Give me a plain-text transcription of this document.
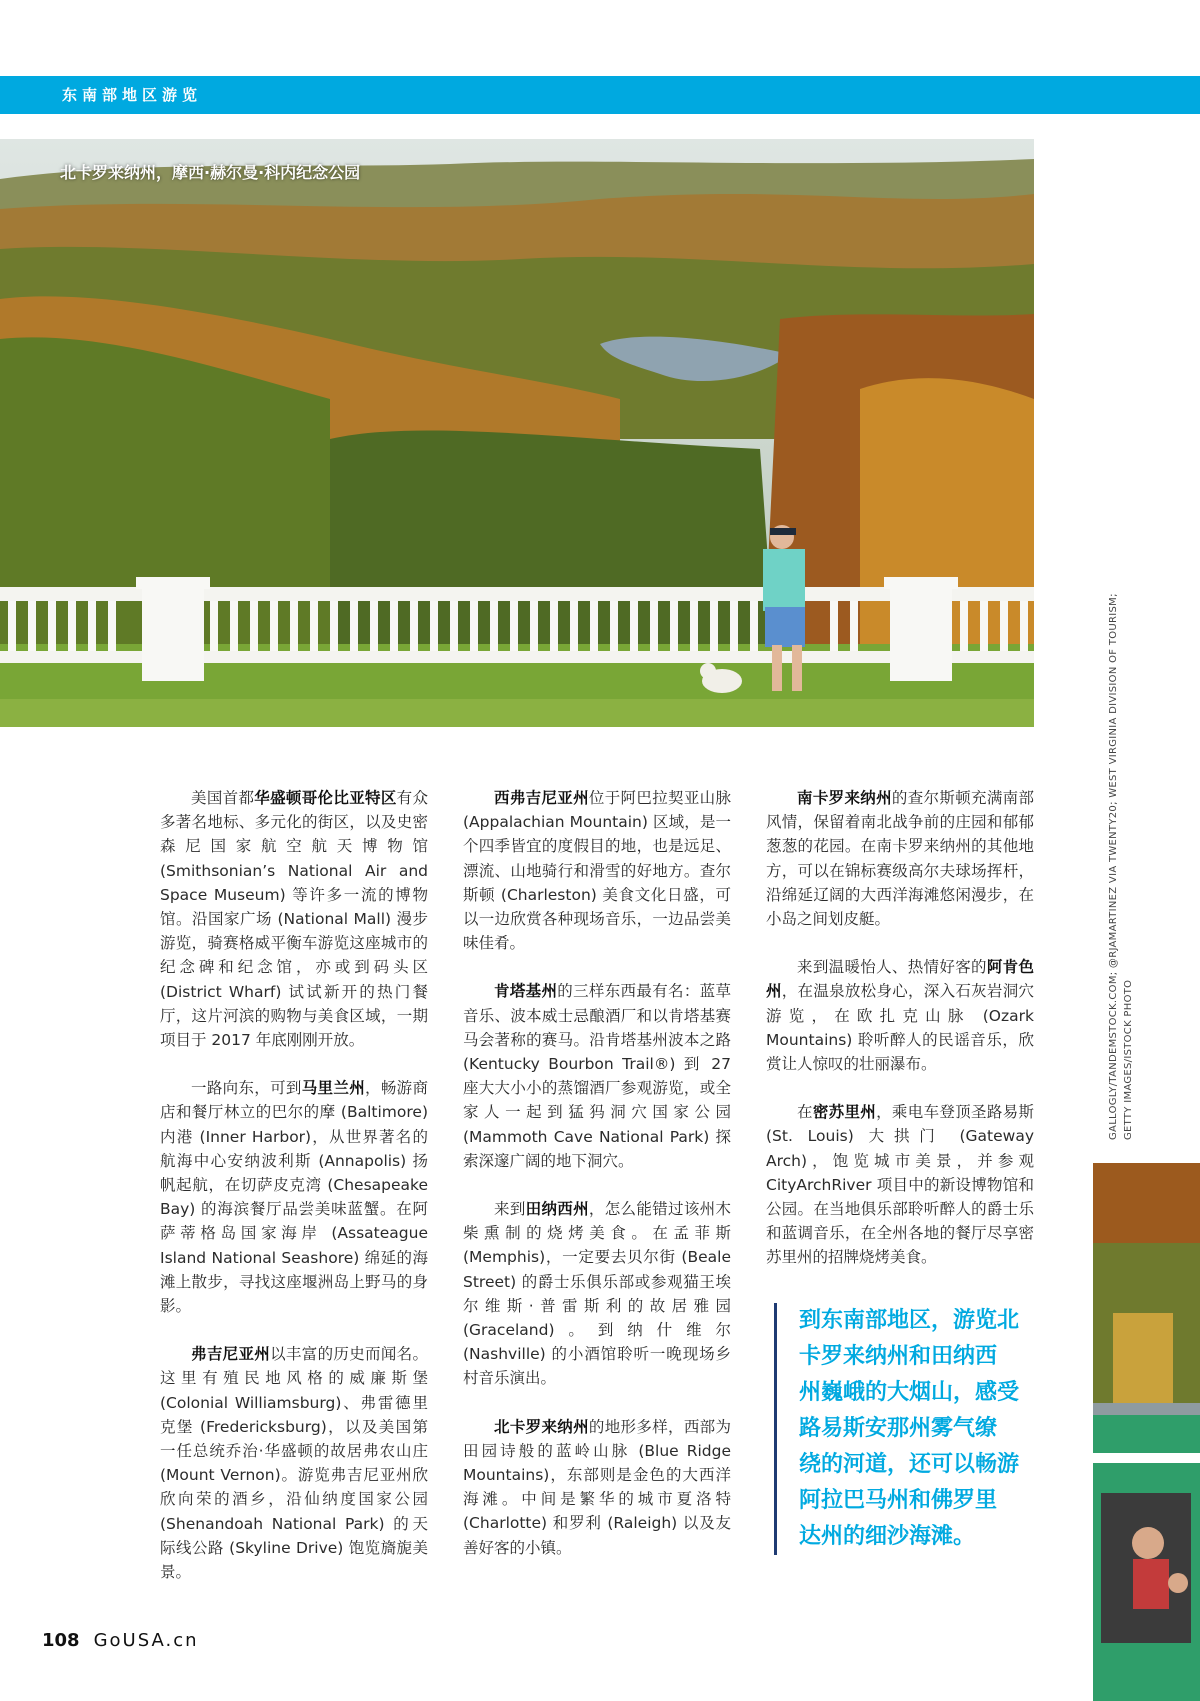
东南部地区游览
北卡罗来纳州，摩西·赫尔曼·科内纪念公园
GALLOGLY/TANDEMSTOCK.COM; @RJAMARTINEZ VIA TWENTY20; WEST VIRGINIA DIVISION OF TOURISM; GETTY IMAGES/ISTOCK PHOTO

美国首都华盛顿哥伦比亚特区有众多著名地标、多元化的街区，以及史密森尼国家航空航天博物馆 (Smithsonian’s National Air and Space Museum) 等许多一流的博物馆。沿国家广场 (National Mall) 漫步游览，骑赛格威平衡车游览这座城市的纪念碑和纪念馆，亦或到码头区 (District Wharf) 试试新开的热门餐厅，这片河滨的购物与美食区域，一期项目于 2017 年底刚刚开放。

一路向东，可到马里兰州，畅游商店和餐厅林立的巴尔的摩 (Baltimore) 内港 (Inner Harbor)，从世界著名的航海中心安纳波利斯 (Annapolis) 扬帆起航，在切萨皮克湾 (Chesapeake Bay) 的海滨餐厅品尝美味蓝蟹。在阿萨蒂格岛国家海岸 (Assateague Island National Seashore) 绵延的海滩上散步，寻找这座堰洲岛上野马的身影。

弗吉尼亚州以丰富的历史而闻名。这里有殖民地风格的威廉斯堡 (Colonial Williamsburg)、弗雷德里克堡 (Fredericksburg)，以及美国第一任总统乔治·华盛顿的故居弗农山庄 (Mount Vernon)。游览弗吉尼亚州欣欣向荣的酒乡，沿仙纳度国家公园 (Shenandoah National Park) 的天际线公路 (Skyline Drive) 饱览旖旎美景。

西弗吉尼亚州位于阿巴拉契亚山脉 (Appalachian Mountain) 区域，是一个四季皆宜的度假目的地，也是远足、漂流、山地骑行和滑雪的好地方。查尔斯顿 (Charleston) 美食文化日盛，可以一边欣赏各种现场音乐，一边品尝美味佳肴。

肯塔基州的三样东西最有名：蓝草音乐、波本威士忌酿酒厂和以肯塔基赛马会著称的赛马。沿肯塔基州波本之路 (Kentucky Bourbon Trail®) 到 27 座大大小小的蒸馏酒厂参观游览，或全家人一起到猛犸洞穴国家公园 (Mammoth Cave National Park) 探索深邃广阔的地下洞穴。

来到田纳西州，怎么能错过该州木柴熏制的烧烤美食。在孟菲斯 (Memphis)，一定要去贝尔街 (Beale Street) 的爵士乐俱乐部或参观猫王埃尔维斯·普雷斯利的故居雅园 (Graceland)。到纳什维尔 (Nashville) 的小酒馆聆听一晚现场乡村音乐演出。

北卡罗来纳州的地形多样，西部为田园诗般的蓝岭山脉 (Blue Ridge Mountains)，东部则是金色的大西洋海滩。中间是繁华的城市夏洛特 (Charlotte) 和罗利 (Raleigh) 以及友善好客的小镇。

南卡罗来纳州的查尔斯顿充满南部风情，保留着南北战争前的庄园和郁郁葱葱的花园。在南卡罗来纳州的其他地方，可以在锦标赛级高尔夫球场挥杆，沿绵延辽阔的大西洋海滩悠闲漫步，在小岛之间划皮艇。

来到温暖怡人、热情好客的阿肯色州，在温泉放松身心，深入石灰岩洞穴游览，在欧扎克山脉 (Ozark Mountains) 聆听醉人的民谣音乐，欣赏让人惊叹的壮丽瀑布。

在密苏里州，乘电车登顶圣路易斯 (St. Louis) 大拱门 (Gateway Arch)，饱览城市美景，并参观 CityArchRiver 项目中的新设博物馆和公园。在当地俱乐部聆听醉人的爵士乐和蓝调音乐，在全州各地的餐厅尽享密苏里州的招牌烧烤美食。

到东南部地区，游览北
卡罗来纳州和田纳西
州巍峨的大烟山，感受
路易斯安那州雾气缭
绕的河道，还可以畅游
阿拉巴马州和佛罗里
达州的细沙海滩。
108 GoUSA.cn
